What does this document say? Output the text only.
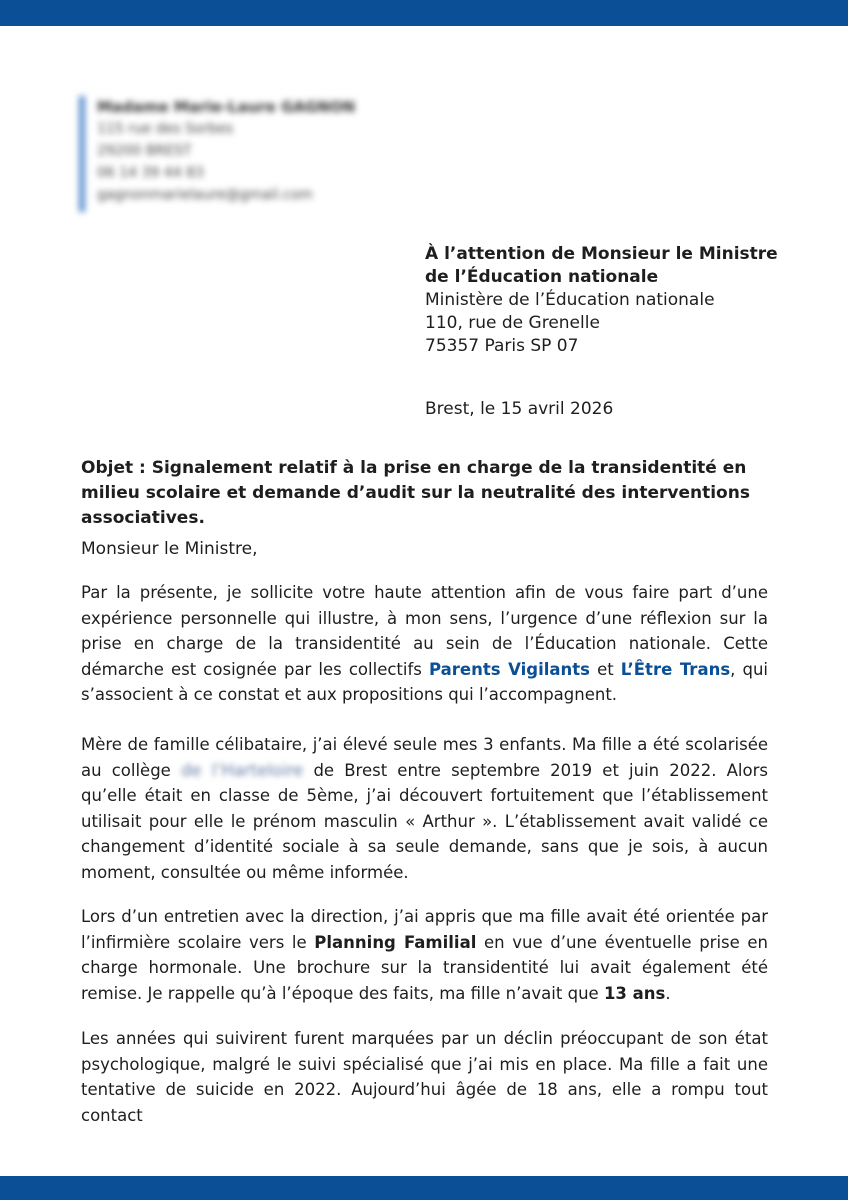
Madame Marie-Laure GAGNON
115 rue des Sorbes
29200 BREST
06 14 39 44 83
gagnonmarielaure@gmail.com
À l’attention de Monsieur le Ministre
de l’Éducation nationale
Ministère de l’Éducation nationale
110, rue de Grenelle
75357 Paris SP 07
Brest, le 15 avril 2026
Objet : Signalement relatif à la prise en charge de la transidentité en milieu scolaire et demande d’audit sur la neutralité des interventions associatives.
Monsieur le Ministre,

Par la présente, je sollicite votre haute attention afin de vous faire part d’une expérience personnelle qui illustre, à mon sens, l’urgence d’une réflexion sur la prise en charge de la transidentité au sein de l’Éducation nationale. Cette démarche est cosignée par les collectifs Parents Vigilants et L’Être Trans, qui s’associent à ce constat et aux propositions qui l’accompagnent.

Mère de famille célibataire, j’ai élevé seule mes 3 enfants. Ma fille a été scolarisée au collège de l’Harteloire de Brest entre septembre 2019 et juin 2022. Alors qu’elle était en classe de 5ème, j’ai découvert fortuitement que l’établissement utilisait pour elle le prénom masculin « Arthur ». L’établissement avait validé ce changement d’identité sociale à sa seule demande, sans que je sois, à aucun moment, consultée ou même informée.

Lors d’un entretien avec la direction, j’ai appris que ma fille avait été orientée par l’infirmière scolaire vers le Planning Familial en vue d’une éventuelle prise en charge hormonale. Une brochure sur la transidentité lui avait également été remise. Je rappelle qu’à l’époque des faits, ma fille n’avait que 13 ans.

Les années qui suivirent furent marquées par un déclin préoccupant de son état psychologique, malgré le suivi spécialisé que j’ai mis en place. Ma fille a fait une tentative de suicide en 2022. Aujourd’hui âgée de 18 ans, elle a rompu tout contact
